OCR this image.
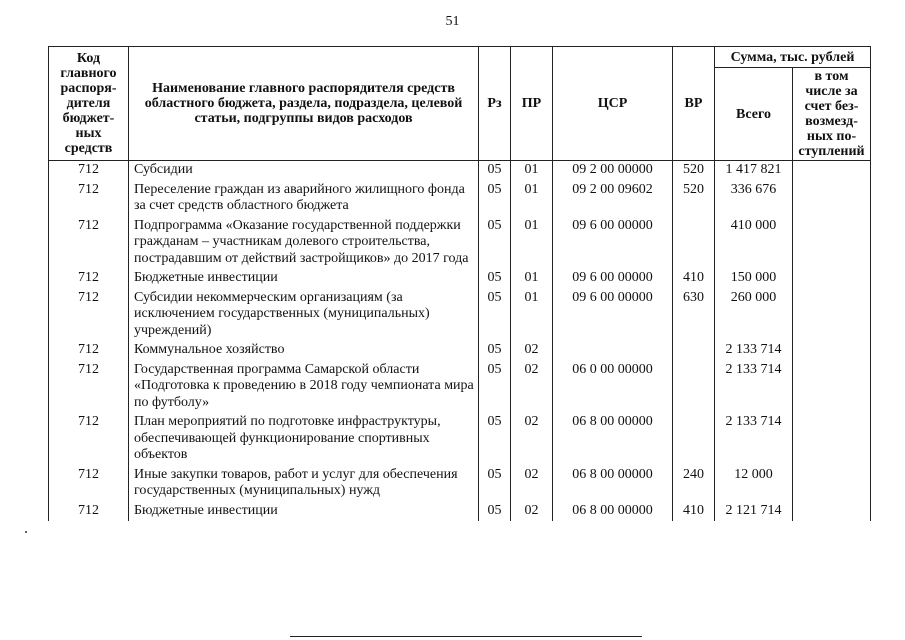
51
Код главного распоря-дителя бюджет-ных средств	Наименование главного распорядителя средств областного бюджета, раздела, подраздела, целевой статьи, подгруппы видов расходов	Рз	ПР	ЦСР	ВР	Сумма, тыс. рублей	
						Всего	в том числе за счет без-возмезд-ных по-ступлений
712	Субсидии	05	01	09 2 00 00000	520	1 417 821	
712	Переселение граждан из аварийного жилищного фонда за счет средств областного бюджета	05	01	09 2 00 09602	520	336 676	
712	Подпрограмма «Оказание государственной поддержки гражданам – участникам долевого строительства, пострадавшим от действий застройщиков» до 2017 года	05	01	09 6 00 00000		410 000	
712	Бюджетные инвестиции	05	01	09 6 00 00000	410	150 000	
712	Субсидии некоммерческим организациям (за исключением государственных (муниципальных) учреждений)	05	01	09 6 00 00000	630	260 000	
712	Коммунальное хозяйство	05	02			2 133 714	
712	Государственная программа Самарской области «Подготовка к проведению в 2018 году чемпионата мира по футболу»	05	02	06 0 00 00000		2 133 714	
712	План мероприятий по подготовке инфраструктуры, обеспечивающей функционирование спортивных объектов	05	02	06 8 00 00000		2 133 714	
712	Иные закупки товаров, работ и услуг для обеспечения государственных (муниципальных) нужд	05	02	06 8 00 00000	240	12 000	
712	Бюджетные инвестиции	05	02	06 8 00 00000	410	2 121 714	
